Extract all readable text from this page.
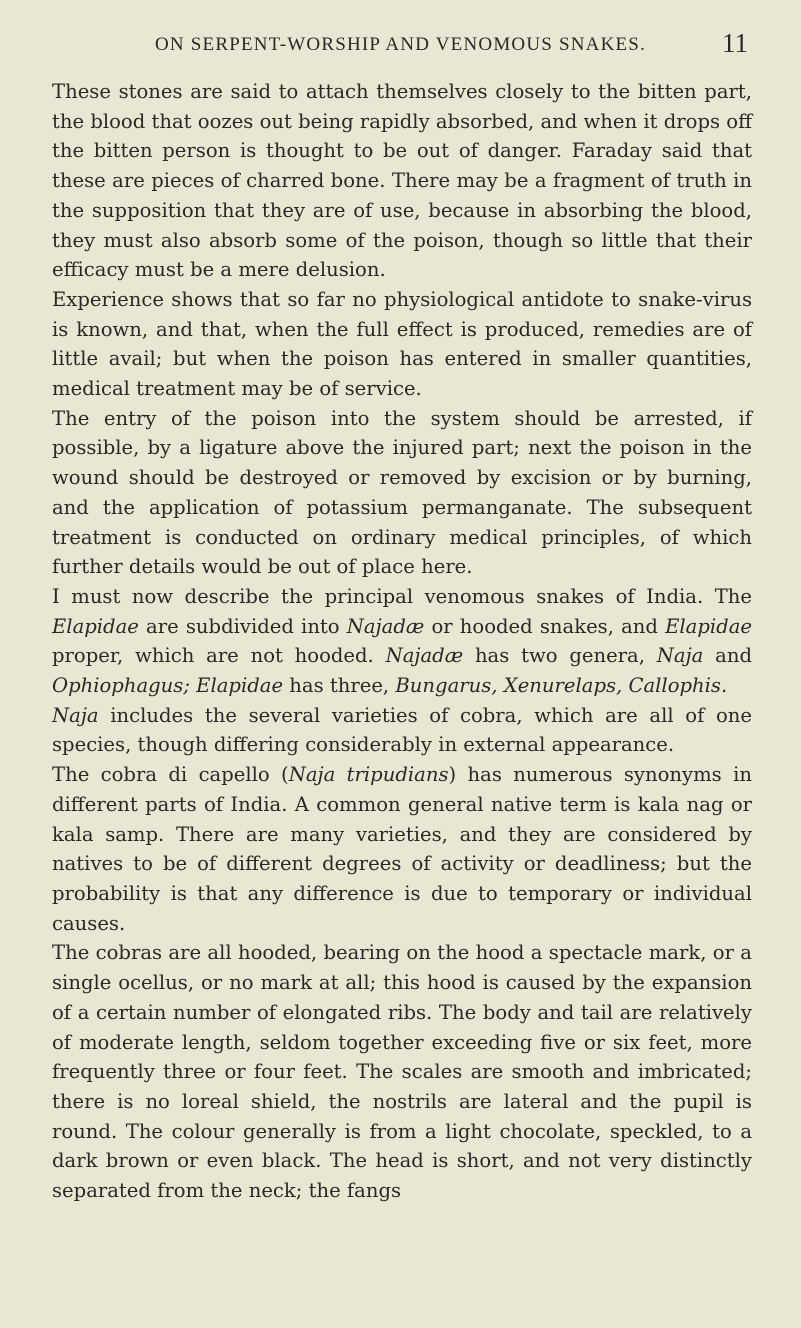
ON SERPENT-WORSHIP AND VENOMOUS SNAKES.	11

These stones are said to attach themselves closely to the bitten part, the blood that oozes out being rapidly absorbed, and when it drops off the bitten person is thought to be out of danger. Faraday said that these are pieces of charred bone. There may be a fragment of truth in the supposition that they are of use, because in absorbing the blood, they must also absorb some of the poison, though so little that their efficacy must be a mere delusion.

Experience shows that so far no physiological antidote to snake-virus is known, and that, when the full effect is produced, remedies are of little avail; but when the poison has entered in smaller quantities, medical treatment may be of service.

The entry of the poison into the system should be arrested, if possible, by a ligature above the injured part; next the poison in the wound should be destroyed or removed by excision or by burning, and the application of potassium permanganate. The subsequent treatment is conducted on ordinary medical principles, of which further details would be out of place here.

I must now describe the principal venomous snakes of India. The Elapidae are subdivided into Najadæ or hooded snakes, and Elapidae proper, which are not hooded. Najadæ has two genera, Naja and Ophiophagus; Elapidae has three, Bungarus, Xenurelaps, Callophis.

Naja includes the several varieties of cobra, which are all of one species, though differing considerably in external appearance.

The cobra di capello (Naja tripudians) has numerous synonyms in different parts of India. A common general native term is kala nag or kala samp. There are many varieties, and they are considered by natives to be of different degrees of activity or deadliness; but the probability is that any difference is due to temporary or individual causes.

The cobras are all hooded, bearing on the hood a spectacle mark, or a single ocellus, or no mark at all; this hood is caused by the expansion of a certain number of elongated ribs. The body and tail are relatively of moderate length, seldom together exceeding five or six feet, more frequently three or four feet. The scales are smooth and imbricated; there is no loreal shield, the nostrils are lateral and the pupil is round. The colour generally is from a light chocolate, speckled, to a dark brown or even black. The head is short, and not very distinctly separated from the neck; the fangs
